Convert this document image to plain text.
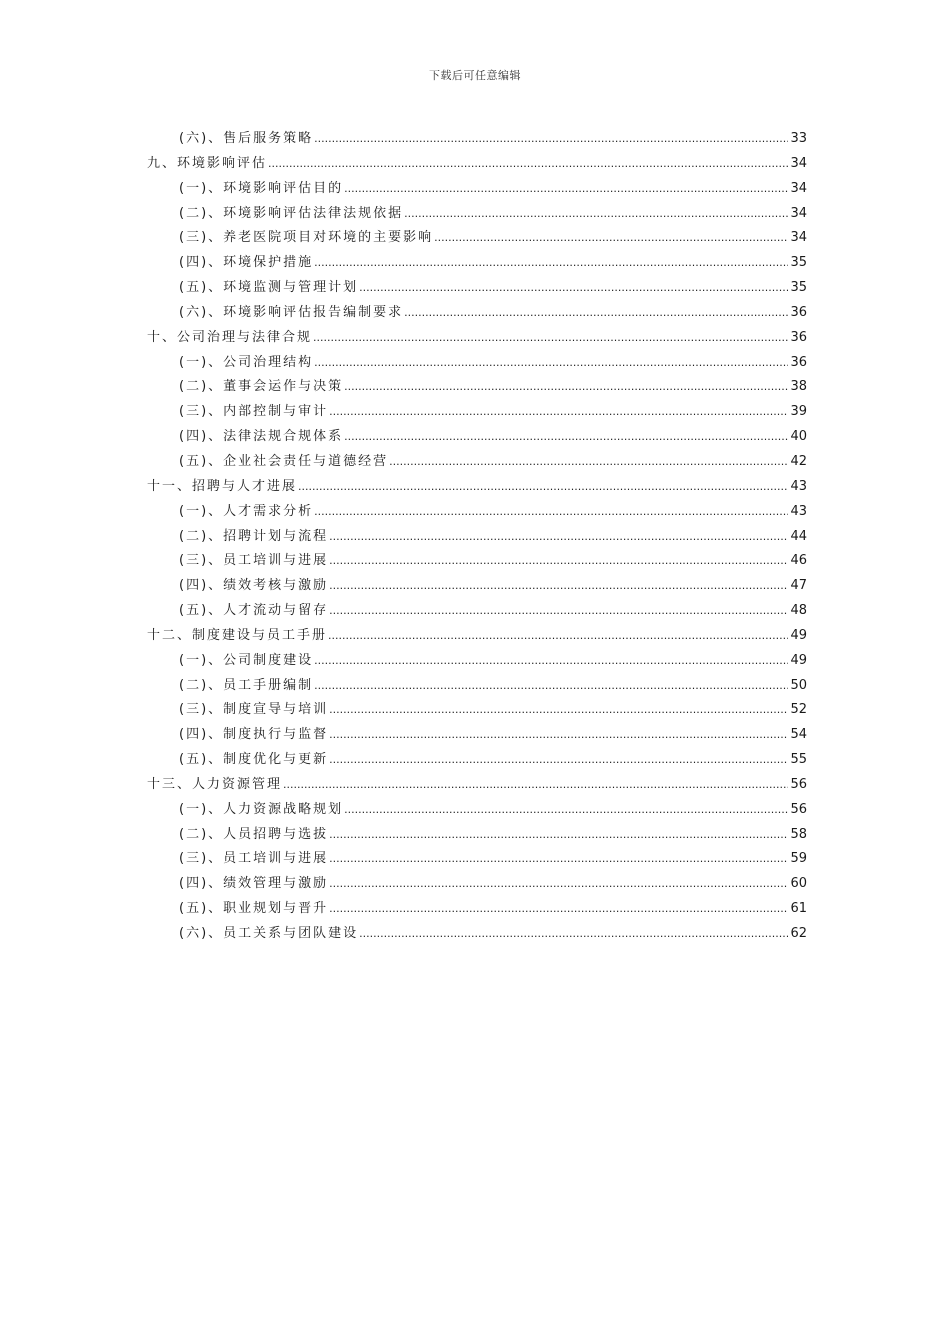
下载后可任意编辑
(六)、售后服务策略 .....	33
九、环境影响评估 .....	34
(一)、环境影响评估目的 .....	34
(二)、环境影响评估法律法规依据 .....	34
(三)、养老医院项目对环境的主要影响 .....	34
(四)、环境保护措施 .....	35
(五)、环境监测与管理计划 .....	35
(六)、环境影响评估报告编制要求 .....	36
十、公司治理与法律合规 .....	36
(一)、公司治理结构 .....	36
(二)、董事会运作与决策 .....	38
(三)、内部控制与审计 .....	39
(四)、法律法规合规体系 .....	40
(五)、企业社会责任与道德经营 .....	42
十一、招聘与人才进展 .....	43
(一)、人才需求分析 .....	43
(二)、招聘计划与流程 .....	44
(三)、员工培训与进展 .....	46
(四)、绩效考核与激励 .....	47
(五)、人才流动与留存 .....	48
十二、制度建设与员工手册 .....	49
(一)、公司制度建设 .....	49
(二)、员工手册编制 .....	50
(三)、制度宣导与培训 .....	52
(四)、制度执行与监督 .....	54
(五)、制度优化与更新 .....	55
十三、人力资源管理 .....	56
(一)、人力资源战略规划 .....	56
(二)、人员招聘与选拔 .....	58
(三)、员工培训与进展 .....	59
(四)、绩效管理与激励 .....	60
(五)、职业规划与晋升 .....	61
(六)、员工关系与团队建设 .....	62
